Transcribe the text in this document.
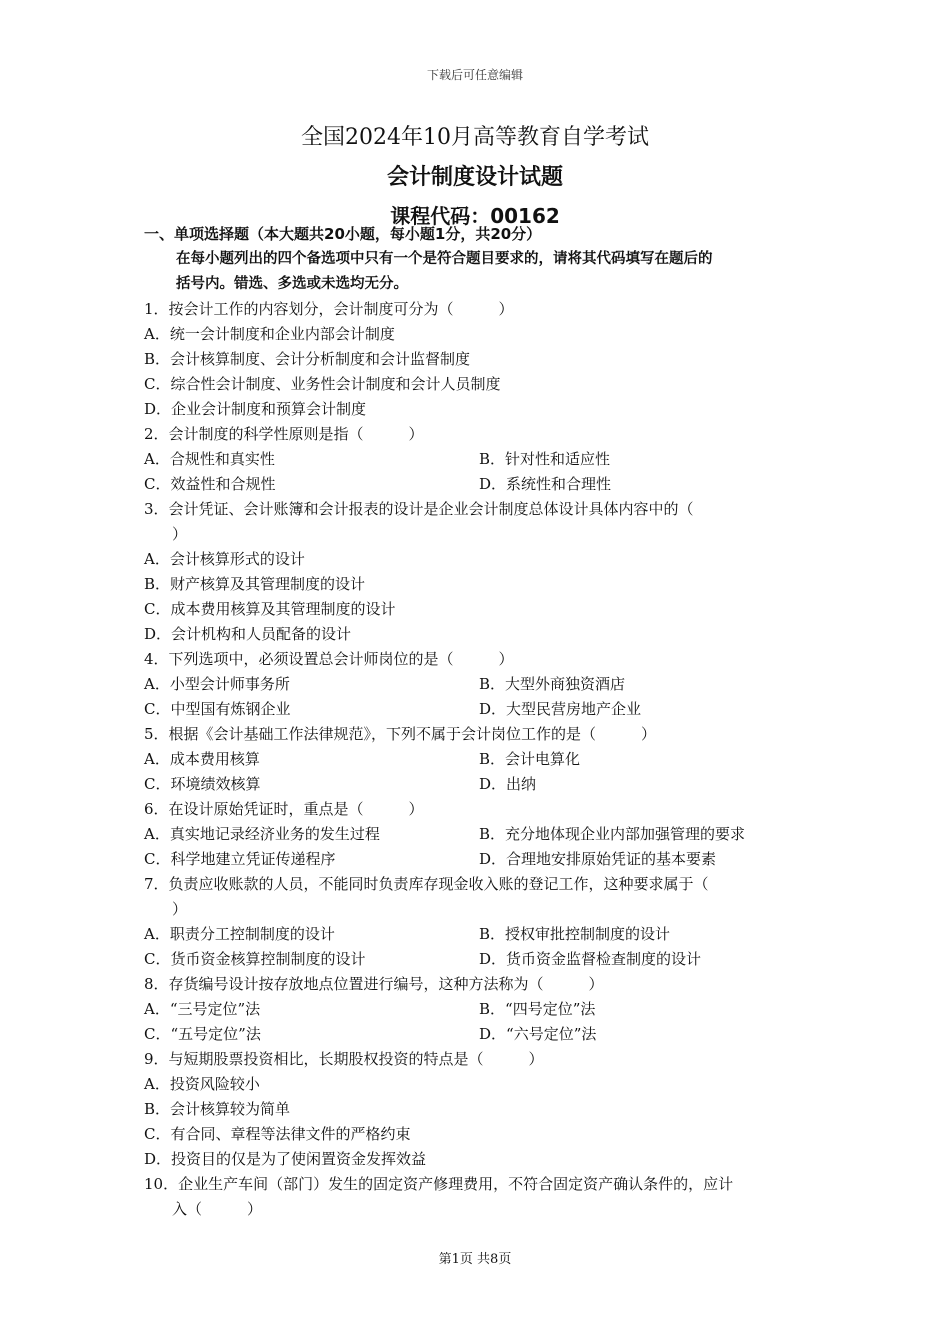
下载后可任意编辑
全国2024年10月高等教育自学考试
会计制度设计试题
课程代码：00162
一、单项选择题（本大题共20小题，每小题1分，共20分）
在每小题列出的四个备选项中只有一个是符合题目要求的，请将其代码填写在题后的
括号内。错选、多选或未选均无分。
1．按会计工作的内容划分，会计制度可分为（　　　）
A．统一会计制度和企业内部会计制度
B．会计核算制度、会计分析制度和会计监督制度
C．综合性会计制度、业务性会计制度和会计人员制度
D．企业会计制度和预算会计制度
2．会计制度的科学性原则是指（　　　）
A．合规性和真实性	B．针对性和适应性
C．效益性和合规性	D．系统性和合理性
3．会计凭证、会计账簿和会计报表的设计是企业会计制度总体设计具体内容中的（
）
A．会计核算形式的设计
B．财产核算及其管理制度的设计
C．成本费用核算及其管理制度的设计
D．会计机构和人员配备的设计
4．下列选项中，必须设置总会计师岗位的是（　　　）
A．小型会计师事务所	B．大型外商独资酒店
C．中型国有炼钢企业	D．大型民营房地产企业
5．根据《会计基础工作法律规范》，下列不属于会计岗位工作的是（　　　）
A．成本费用核算	B．会计电算化
C．环境绩效核算	D．出纳
6．在设计原始凭证时，重点是（　　　）
A．真实地记录经济业务的发生过程	B．充分地体现企业内部加强管理的要求
C．科学地建立凭证传递程序	D．合理地安排原始凭证的基本要素
7．负责应收账款的人员，不能同时负责库存现金收入账的登记工作，这种要求属于（
）
A．职责分工控制制度的设计	B．授权审批控制制度的设计
C．货币资金核算控制制度的设计	D．货币资金监督检查制度的设计
8．存货编号设计按存放地点位置进行编号，这种方法称为（　　　）
A．“三号定位”法	B．“四号定位”法
C．“五号定位”法	D．“六号定位”法
9．与短期股票投资相比，长期股权投资的特点是（　　　）
A．投资风险较小
B．会计核算较为简单
C．有合同、章程等法律文件的严格约束
D．投资目的仅是为了使闲置资金发挥效益
10．企业生产车间（部门）发生的固定资产修理费用，不符合固定资产确认条件的，应计
入（　　　）
第1页 共8页
